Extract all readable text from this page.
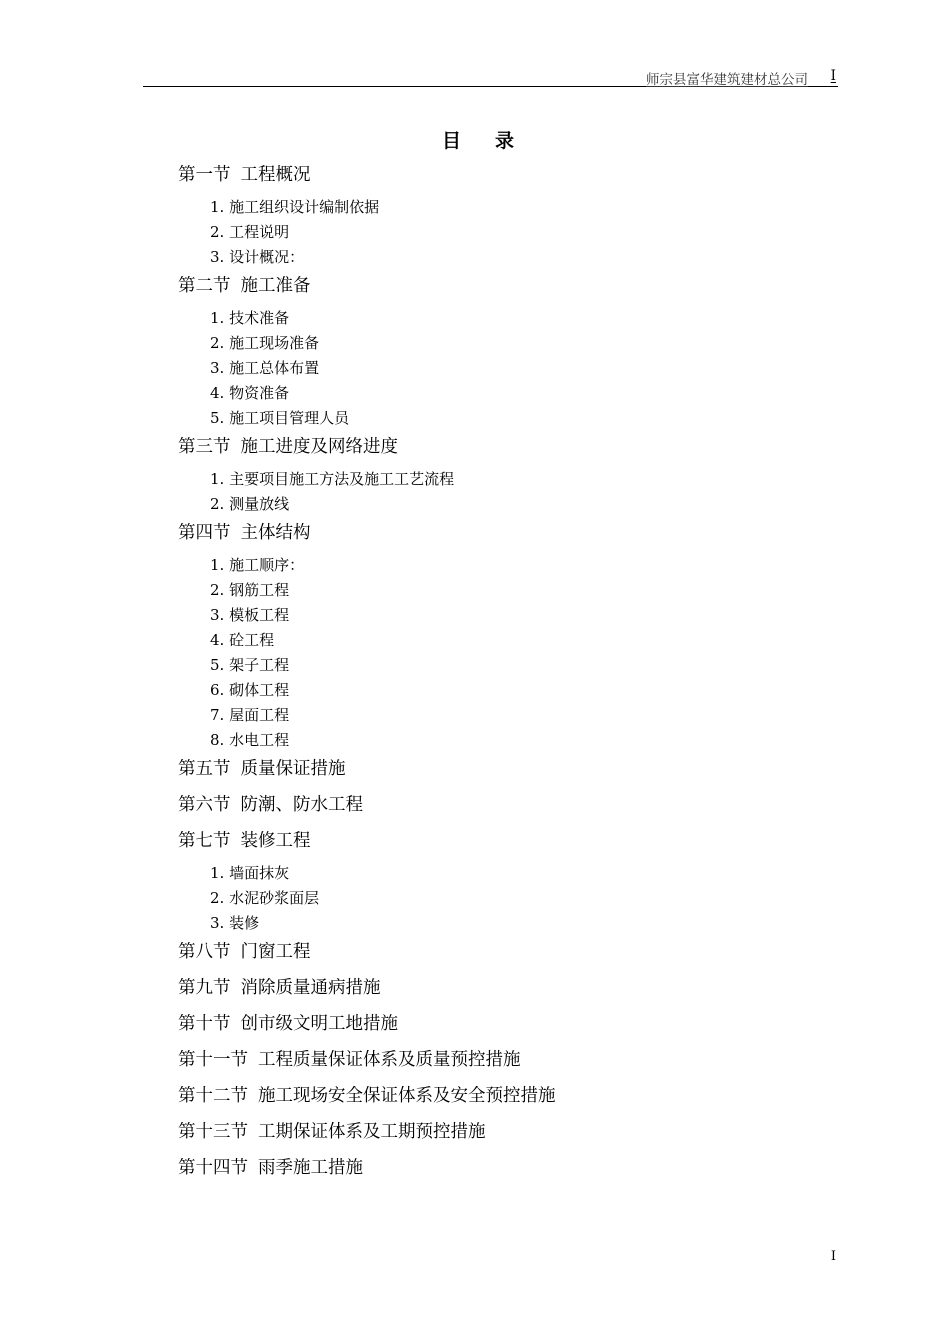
师宗县富华建筑建材总公司 I
目录
第一节 工程概况
1. 施工组织设计编制依据
2. 工程说明
3. 设计概况：
第二节 施工准备
1. 技术准备
2. 施工现场准备
3. 施工总体布置
4. 物资准备
5. 施工项目管理人员
第三节 施工进度及网络进度
1. 主要项目施工方法及施工工艺流程
2. 测量放线
第四节 主体结构
1. 施工顺序：
2. 钢筋工程
3. 模板工程
4. 砼工程
5. 架子工程
6. 砌体工程
7. 屋面工程
8. 水电工程
第五节 质量保证措施
第六节 防潮、防水工程
第七节 装修工程
1. 墙面抹灰
2. 水泥砂浆面层
3. 装修
第八节 门窗工程
第九节 消除质量通病措施
第十节 创市级文明工地措施
第十一节 工程质量保证体系及质量预控措施
第十二节 施工现场安全保证体系及安全预控措施
第十三节 工期保证体系及工期预控措施
第十四节 雨季施工措施
I
